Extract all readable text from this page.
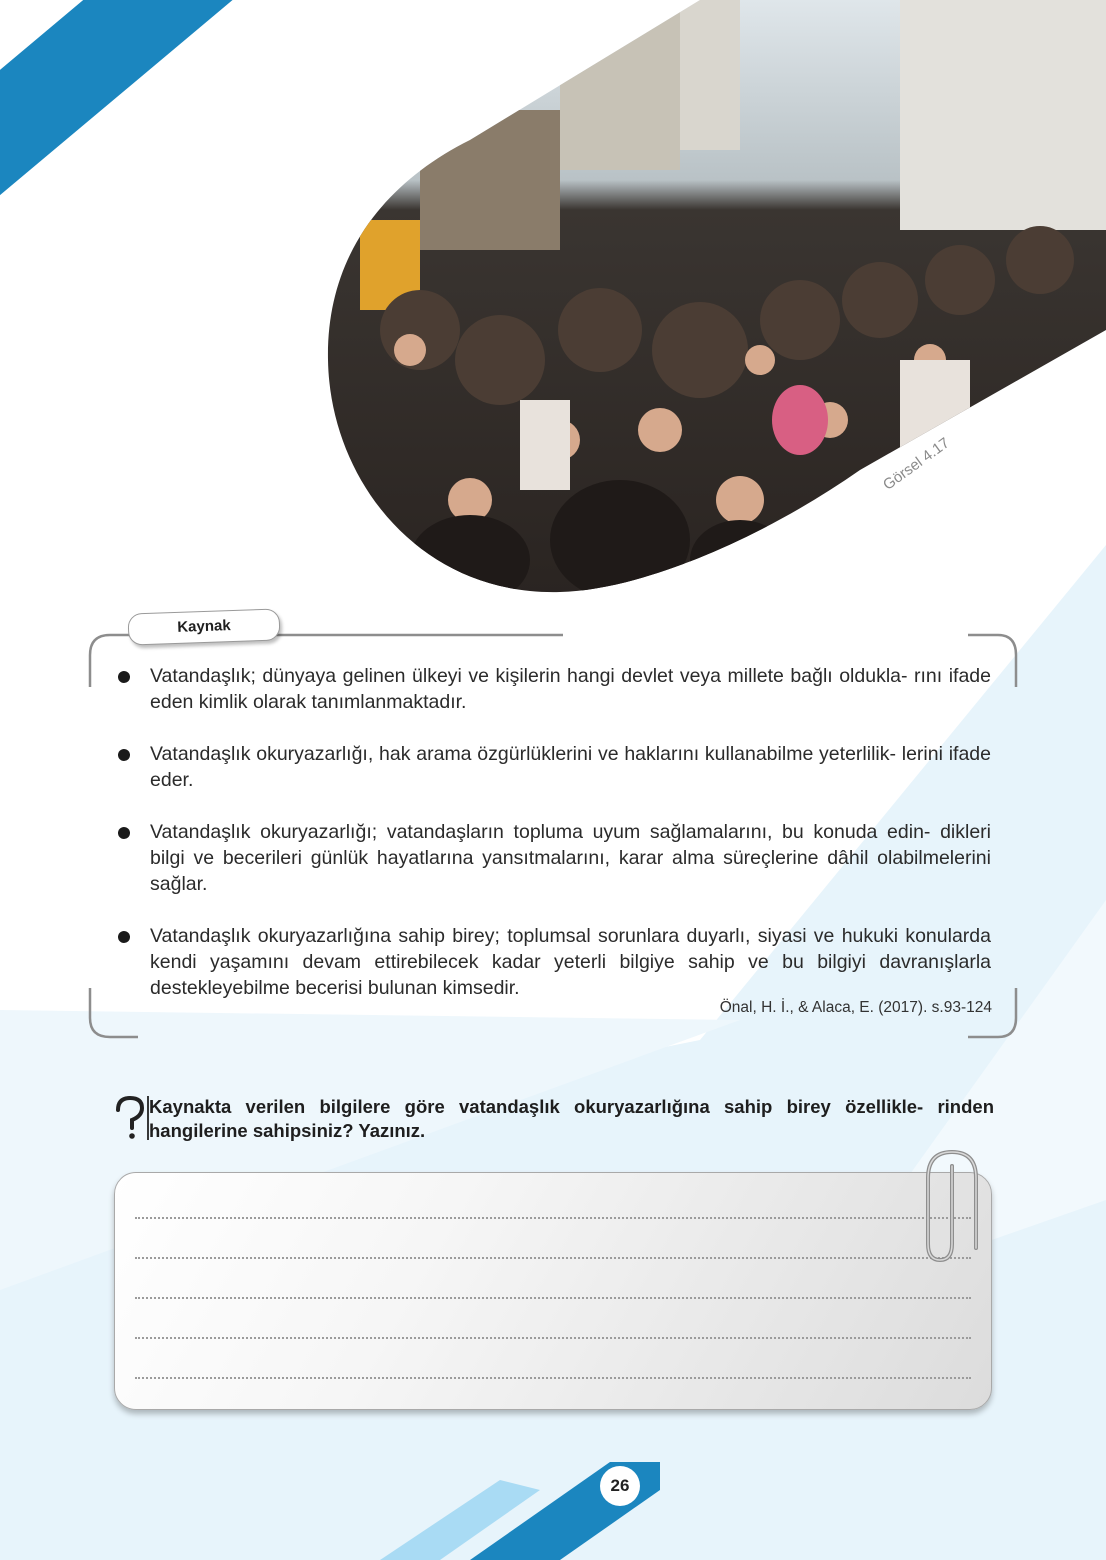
ÖĞRENELİM
Görsel 4.17
Kaynak
Vatandaşlık; dünyaya gelinen ülkeyi ve kişilerin hangi devlet veya millete bağlı oldukla- rını ifade eden kimlik olarak tanımlanmaktadır.
Vatandaşlık okuryazarlığı, hak arama özgürlüklerini ve haklarını kullanabilme yeterlilik- lerini ifade eder.
Vatandaşlık okuryazarlığı; vatandaşların topluma uyum sağlamalarını, bu konuda edin- dikleri bilgi ve becerileri günlük hayatlarına yansıtmalarını, karar alma süreçlerine dâhil olabilmelerini sağlar.
Vatandaşlık okuryazarlığına sahip birey; toplumsal sorunlara duyarlı, siyasi ve hukuki konularda kendi yaşamını devam ettirebilecek kadar yeterli bilgiye sahip ve bu bilgiyi davranışlarla destekleyebilme becerisi bulunan kimsedir.
Önal, H. İ., & Alaca, E. (2017). s.93-124
Kaynakta verilen bilgilere göre vatandaşlık okuryazarlığına sahip birey özellikle- rinden hangilerine sahipsiniz? Yazınız.
26
